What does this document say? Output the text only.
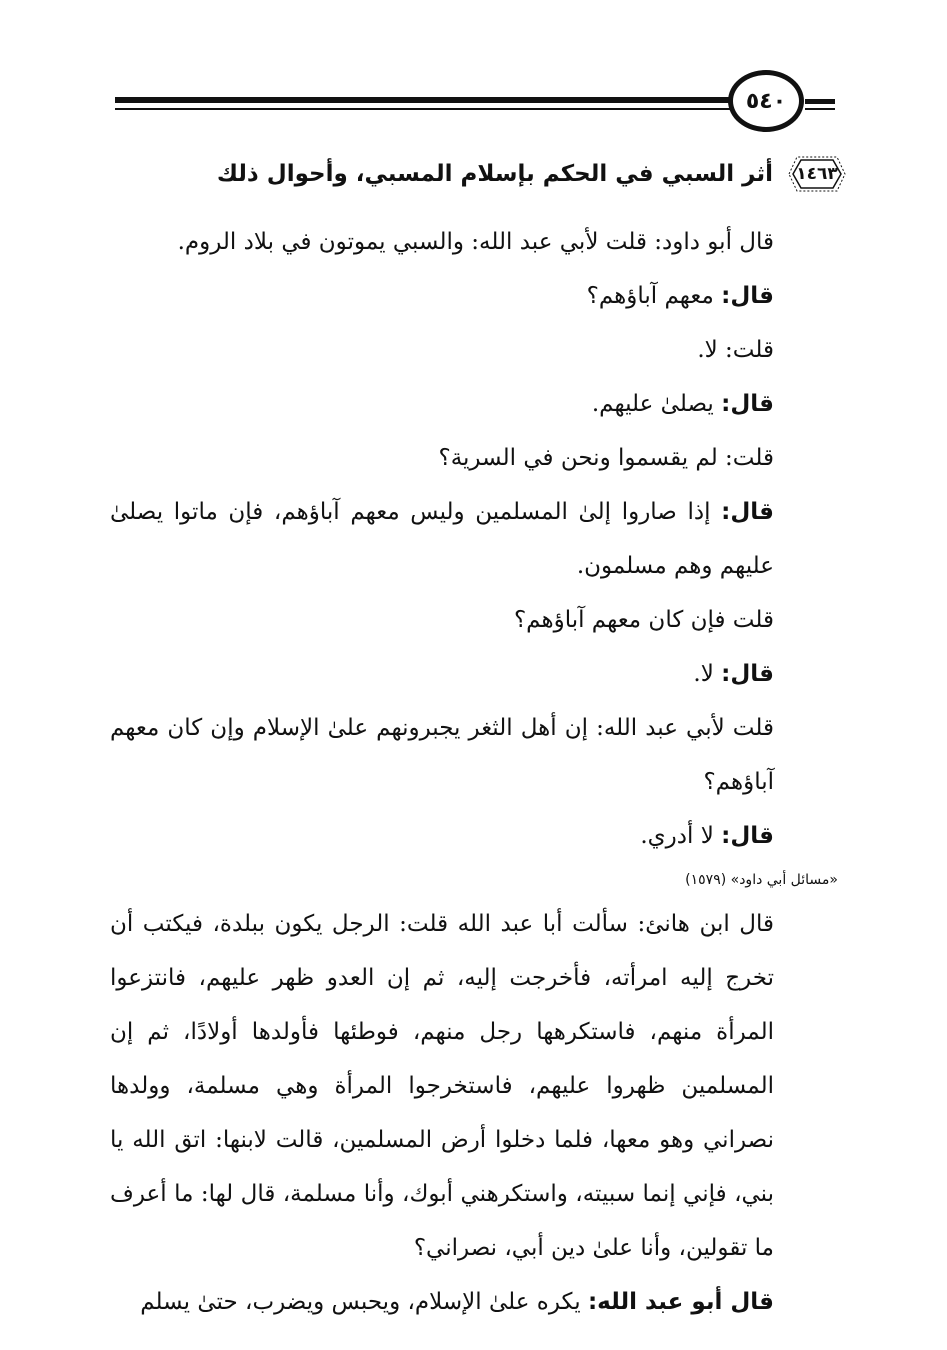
٥٤٠
١٤٦٣
أثر السبي في الحكم بإسلام المسبي، وأحوال ذلك

قال أبو داود: قلت لأبي عبد الله: والسبي يموتون في بلاد الروم.

قال: معهم آباؤهم؟

قلت: لا.

قال: يصلىٰ عليهم.

قلت: لم يقسموا ونحن في السرية؟

قال: إذا صاروا إلىٰ المسلمين وليس معهم آباؤهم، فإن ماتوا يصلىٰ عليهم وهم مسلمون.

قلت فإن كان معهم آباؤهم؟

قال: لا.

قلت لأبي عبد الله: إن أهل الثغر يجبرونهم علىٰ الإسلام وإن كان معهم آباؤهم؟

قال: لا أدري.

«مسائل أبي داود» (١٥٧٩)

قال ابن هانئ: سألت أبا عبد الله قلت: الرجل يكون ببلدة، فيكتب أن تخرج إليه امرأته، فأخرجت إليه، ثم إن العدو ظهر عليهم، فانتزعوا المرأة منهم، فاستكرهها رجل منهم، فوطئها فأولدها أولادًا، ثم إن المسلمين ظهروا عليهم، فاستخرجوا المرأة وهي مسلمة، وولدها نصراني وهو معها، فلما دخلوا أرض المسلمين، قالت لابنها: اتق الله يا بني، فإني إنما سبيته، واستكرهني أبوك، وأنا مسلمة، قال لها: ما أعرف ما تقولين، وأنا علىٰ دين أبي، نصراني؟

قال أبو عبد الله: يكره علىٰ الإسلام، ويحبس ويضرب، حتىٰ يسلم
